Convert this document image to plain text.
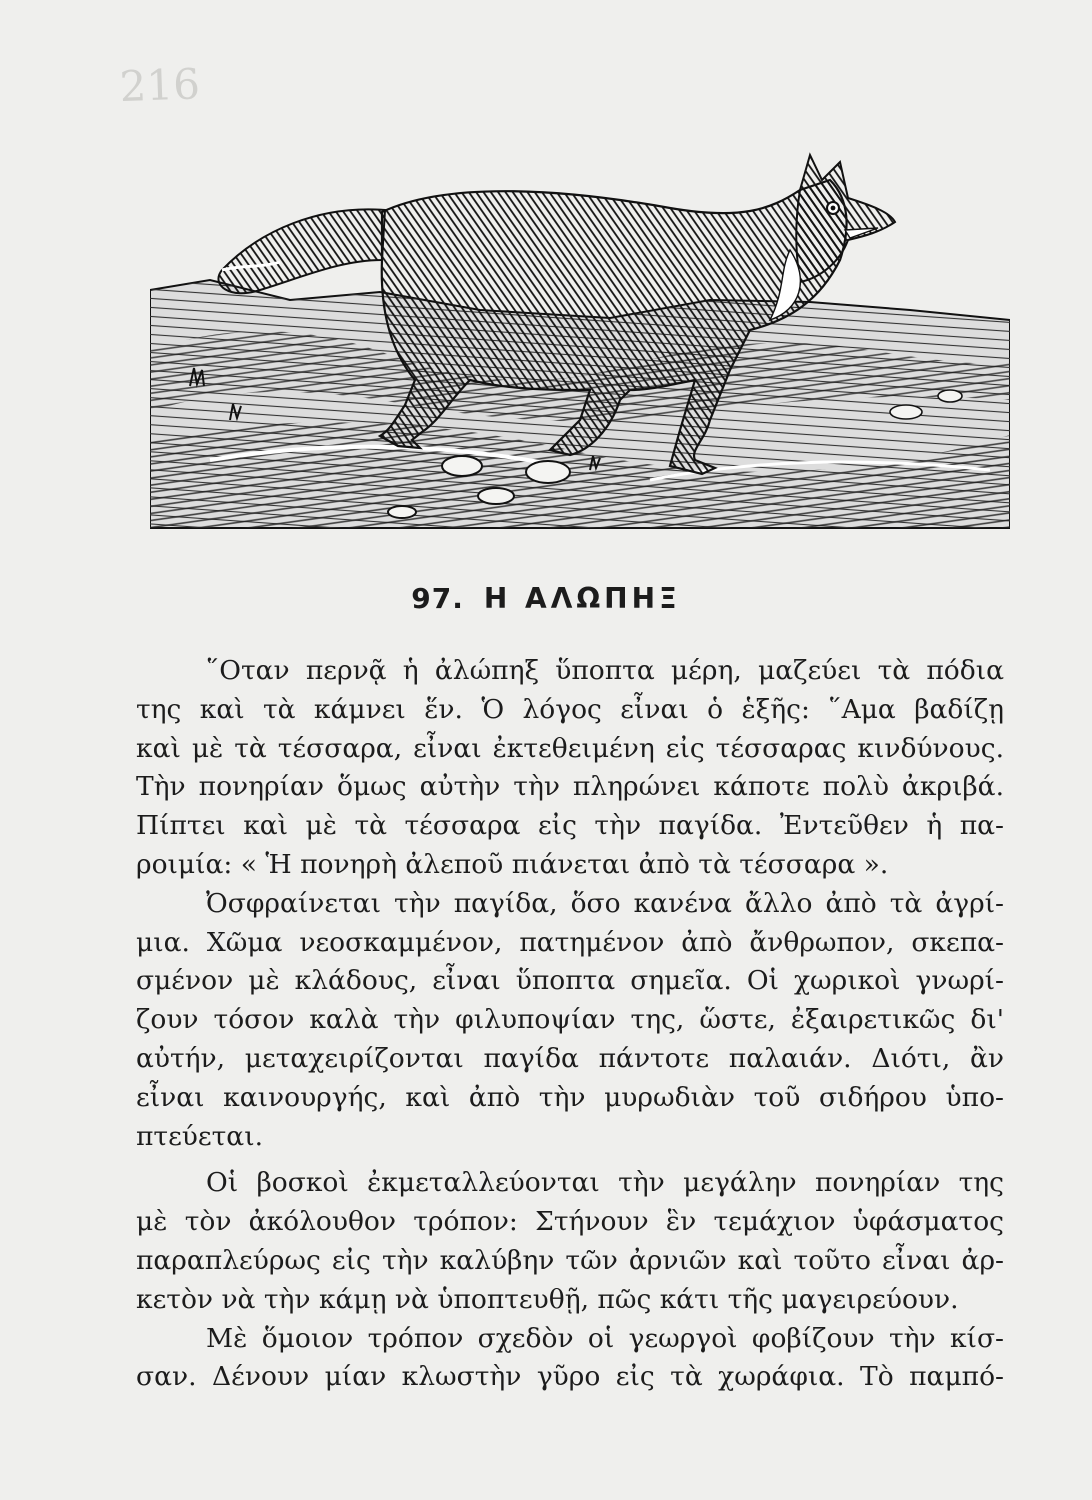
216
97. Η ΑΛΩΠΗΞ

῞Οταν περνᾷ ἡ ἀλώπηξ ὕποπτα μέρη, μαζεύει τὰ πόδια

της καὶ τὰ κάμνει ἕν. Ὁ λόγος εἶναι ὁ ἑξῆς: ῞Αμα βαδίζῃ

καὶ μὲ τὰ τέσσαρα, εἶναι ἐκτεθειμένη εἰς τέσσαρας κινδύνους.

Τὴν πονηρίαν ὅμως αὐτὴν τὴν πληρώνει κάποτε πολὺ ἀκριβά.

Πίπτει καὶ μὲ τὰ τέσσαρα εἰς τὴν παγίδα. Ἐντεῦθεν ἡ πα-

ροιμία: « Ἡ πονηρὴ ἀλεποῦ πιάνεται ἀπὸ τὰ τέσσαρα ».

Ὀσφραίνεται τὴν παγίδα, ὅσο κανένα ἄλλο ἀπὸ τὰ ἀγρί-

μια. Χῶμα νεοσκαμμένον, πατημένον ἀπὸ ἄνθρωπον, σκεπα-

σμένον μὲ κλάδους, εἶναι ὕποπτα σημεῖα. Οἱ χωρικοὶ γνωρί-

ζουν τόσον καλὰ τὴν φιλυποψίαν της, ὥστε, ἐξαιρετικῶς δι'

αὐτήν, μεταχειρίζονται παγίδα πάντοτε παλαιάν. Διότι, ἂν

εἶναι καινουργής, καὶ ἀπὸ τὴν μυρωδιὰν τοῦ σιδήρου ὑπο-

πτεύεται.

Οἱ βοσκοὶ ἐκμεταλλεύονται τὴν μεγάλην πονηρίαν της

μὲ τὸν ἀκόλουθον τρόπον: Στήνουν ἓν τεμάχιον ὑφάσματος

παραπλεύρως εἰς τὴν καλύβην τῶν ἀρνιῶν καὶ τοῦτο εἶναι ἀρ-

κετὸν νὰ τὴν κάμῃ νὰ ὑποπτευθῇ, πῶς κάτι τῆς μαγειρεύουν.

Μὲ ὅμοιον τρόπον σχεδὸν οἱ γεωργοὶ φοβίζουν τὴν κίσ-

σαν. Δένουν μίαν κλωστὴν γῦρο εἰς τὰ χωράφια. Τὸ παμπό-
